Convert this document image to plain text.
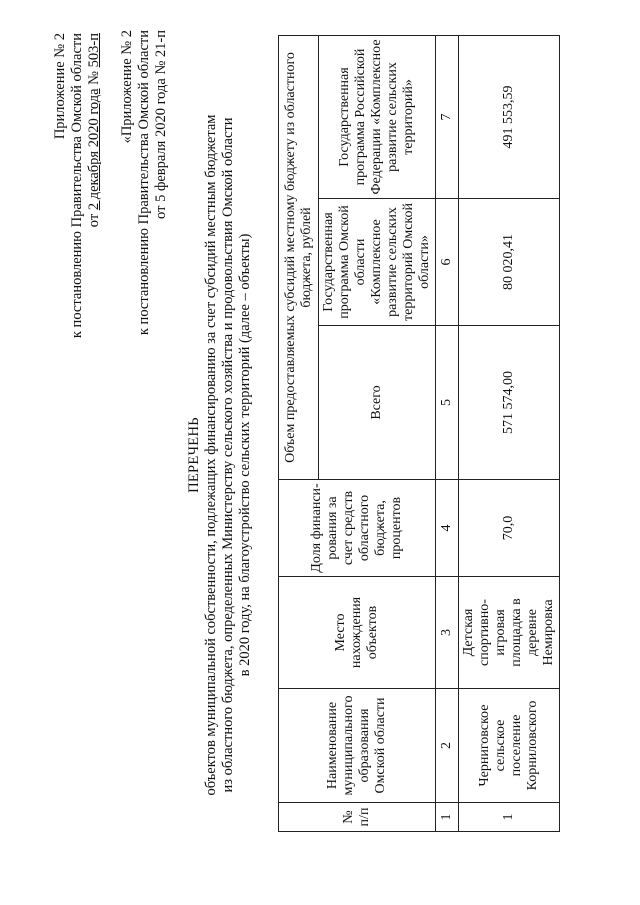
Приложение № 2 к постановлению Правительства Омской области от 2 декабря 2020 года № 503-п «Приложение № 2 к постановлению Правительства Омской области от 5 февраля 2020 года № 21-п
ПЕРЕЧЕНЬ объектов муниципальной собственности, подлежащих финансированию за счет субсидий местным бюджетам из областного бюджета, определенных Министерству сельского хозяйства и продовольствия Омской области в 2020 году, на благоустройство сельских территорий (далее – объекты)
№ п/п	Наименование муниципального образования Омской области	Место нахождения объектов	Доля финанси-рования за счет средств областного бюджета, процентов	Объем предоставляемых субсидий местному бюджету из областного бюджета, рублей		
				Всего	Государственная программа Омской области «Комплексное развитие сельских территорий Омской области»	Государственная программа Российской Федерации «Комплексное развитие сельских территорий»
1	2	3	4	5	6	7
1	Черниговское сельское поселение Корниловского	Детская спортивно-игровая площадка в деревне Немировка	70,0	571 574,00	80 020,41	491 553,59
